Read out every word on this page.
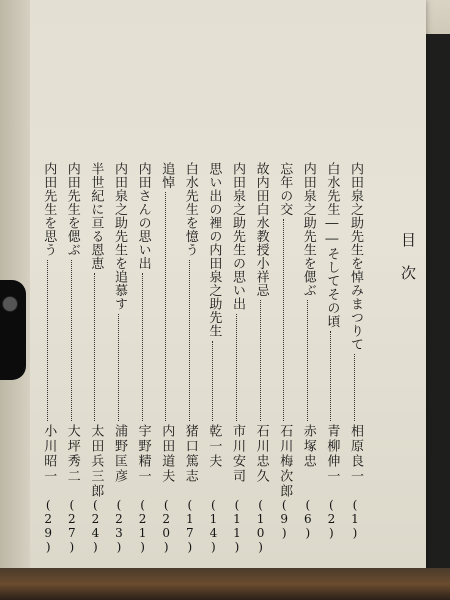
目次
内田泉之助先生を悼みまつりて
相原良一
(1)
白水先生――そしてその頃
青柳伸一
(2)
内田泉之助先生を偲ぶ
赤塚忠
(6)
忘年の交
石川梅次郎
(9)
故内田白水教授小祥忌
石川忠久
(10)
内田泉之助先生の思い出
市川安司
(11)
思い出の裡の内田泉之助先生
乾一夫
(14)
白水先生を憶う
猪口篤志
(17)
追悼
内田道夫
(20)
内田さんの思い出
宇野精一
(21)
内田泉之助先生を追慕す
浦野匡彦
(23)
半世紀に亘る恩恵
太田兵三郎
(24)
内田先生を偲ぶ
大坪秀二
(27)
内田先生を思う
小川昭一
(29)
